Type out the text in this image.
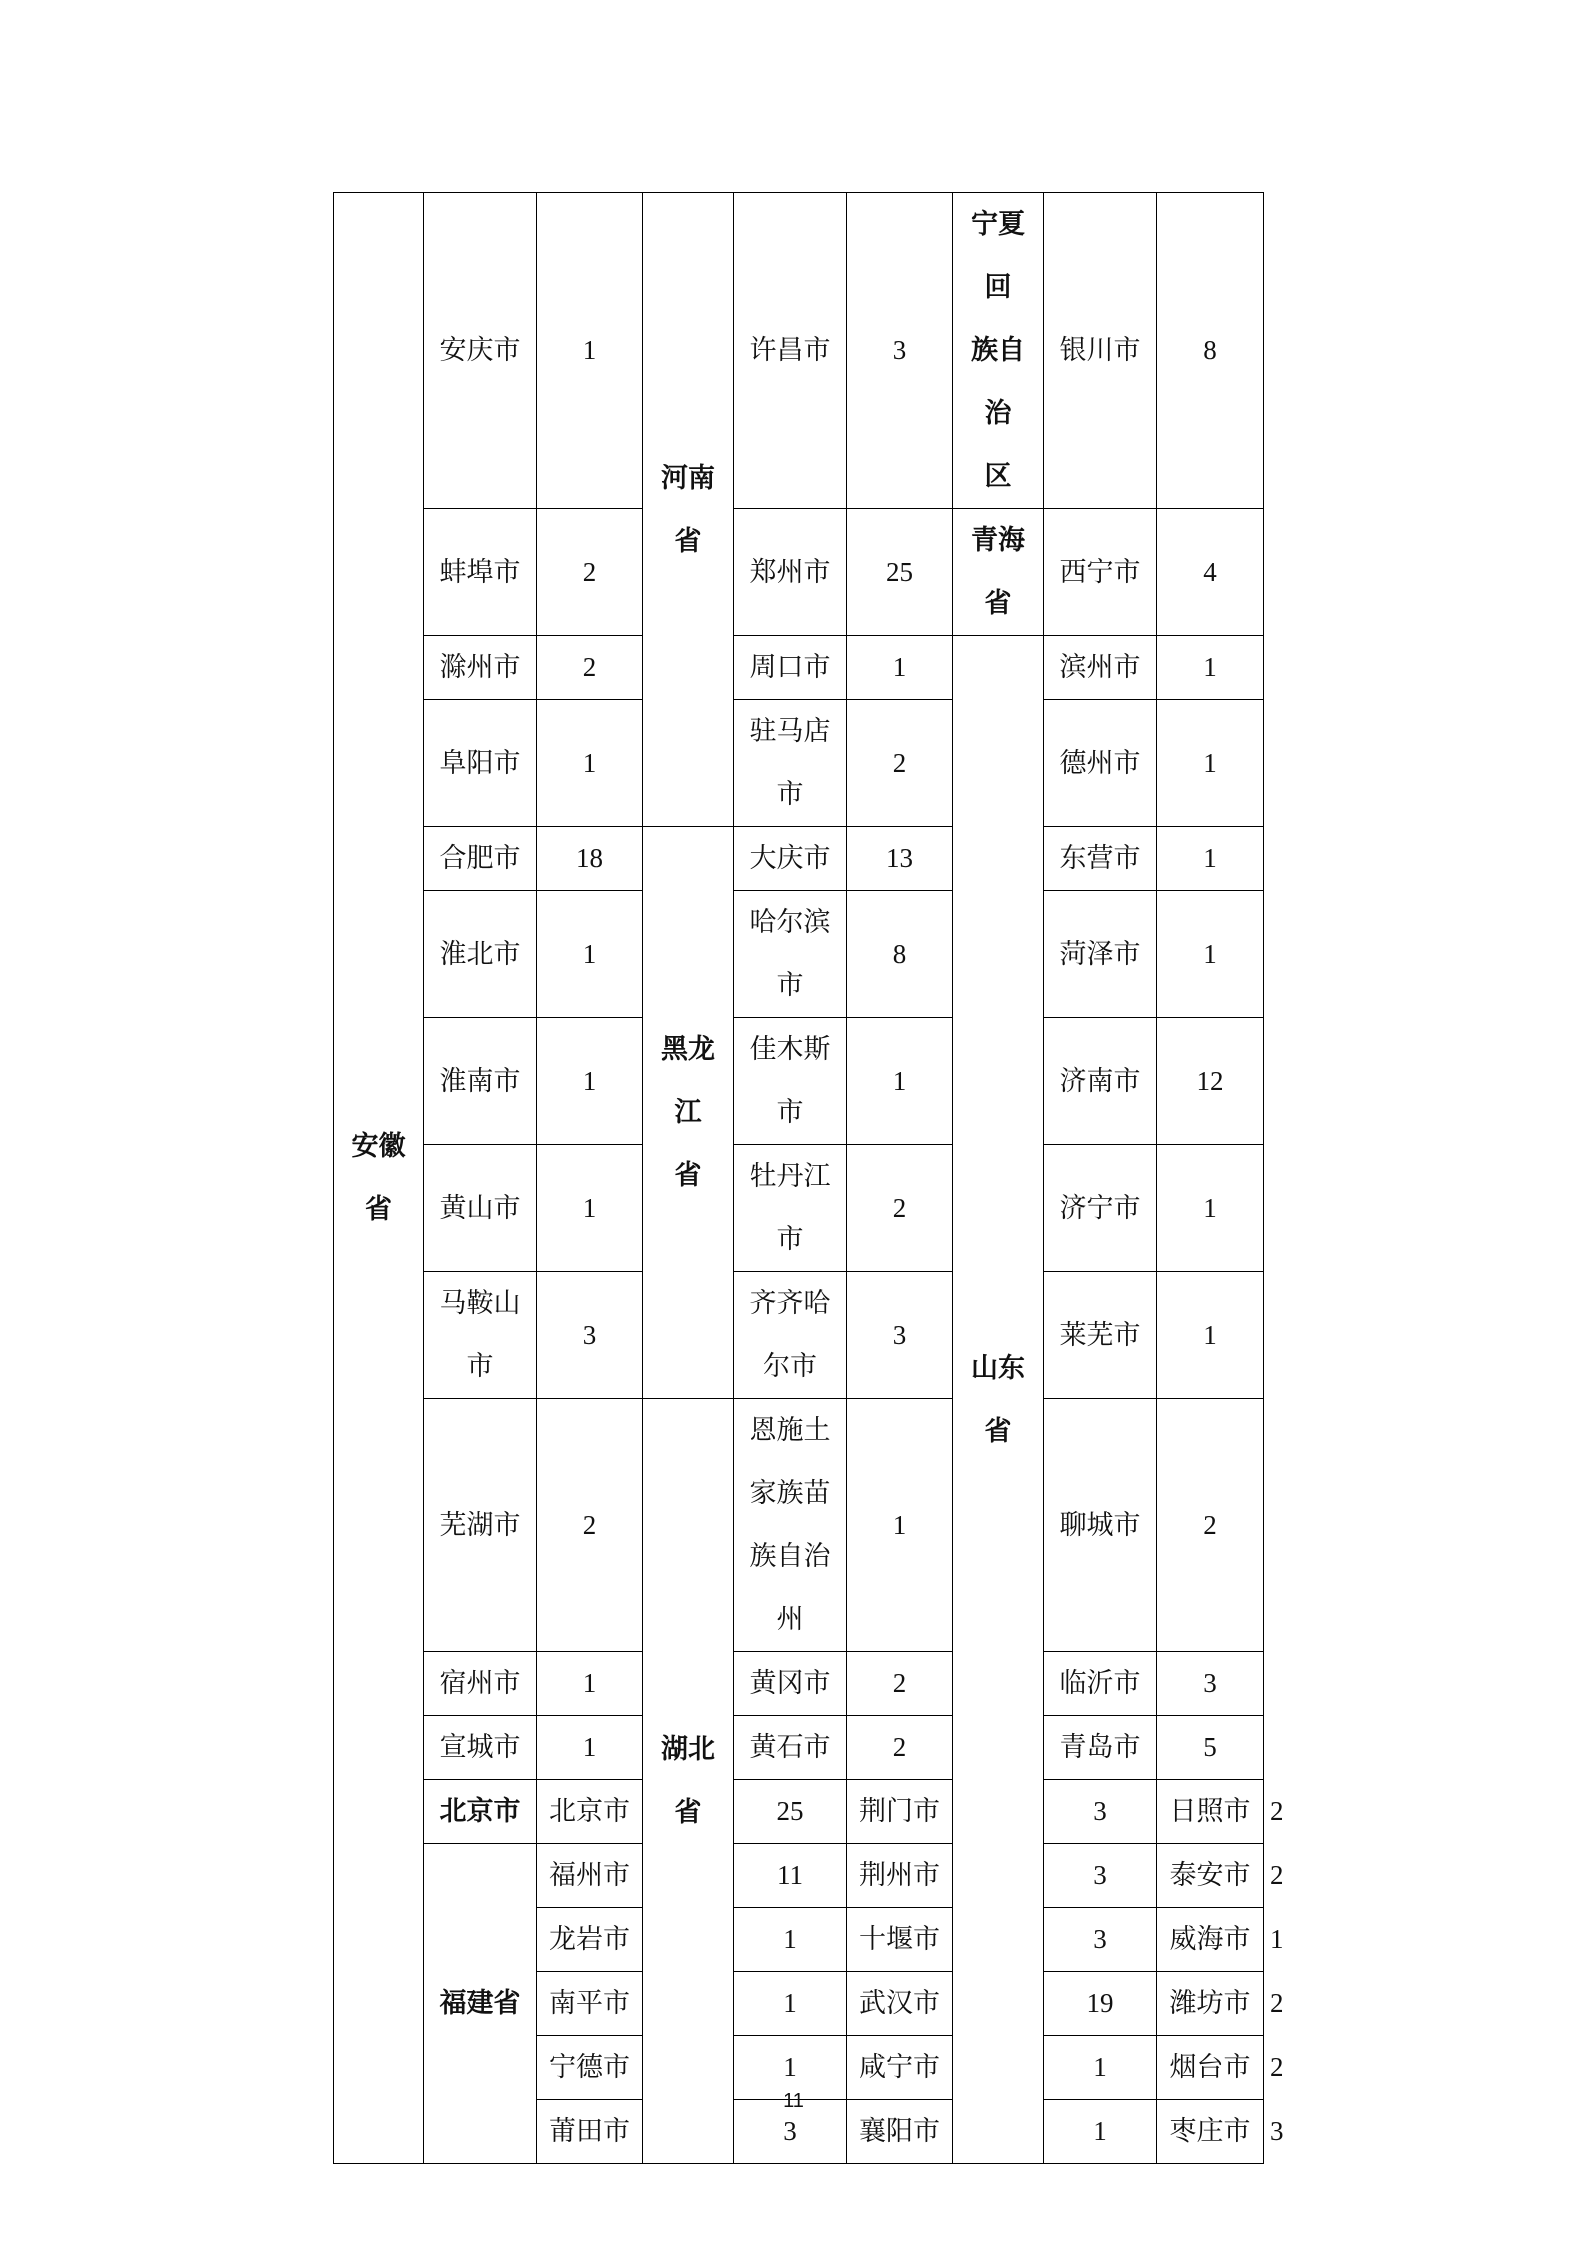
安徽省	安庆市	1	河南省	许昌市	3	宁夏回
族自治
区	银川市	8	
	蚌埠市	2		郑州市	25	青海省	西宁市	4	
	滁州市	2		周口市	1	山东省	滨州市	1	
	阜阳市	1		驻马店
市	2		德州市	1	
	合肥市	18	黑龙江
省	大庆市	13		东营市	1	
	淮北市	1		哈尔滨
市	8		菏泽市	1	
	淮南市	1		佳木斯
市	1		济南市	12	
	黄山市	1		牡丹江
市	2		济宁市	1	
	马鞍山
市	3		齐齐哈
尔市	3		莱芜市	1	
	芜湖市	2	湖北省	恩施土
家族苗
族自治
州	1		聊城市	2	
	宿州市	1		黄冈市	2		临沂市	3	
	宣城市	1		黄石市	2		青岛市	5	
	北京市	北京市		25	荆门市		3	日照市	2
	福建省	福州市		11	荆州市		3	泰安市	2
		龙岩市		1	十堰市		3	威海市	1
		南平市		1	武汉市		19	潍坊市	2
		宁德市		1	咸宁市		1	烟台市	2
		莆田市		3	襄阳市		1	枣庄市	3
11
